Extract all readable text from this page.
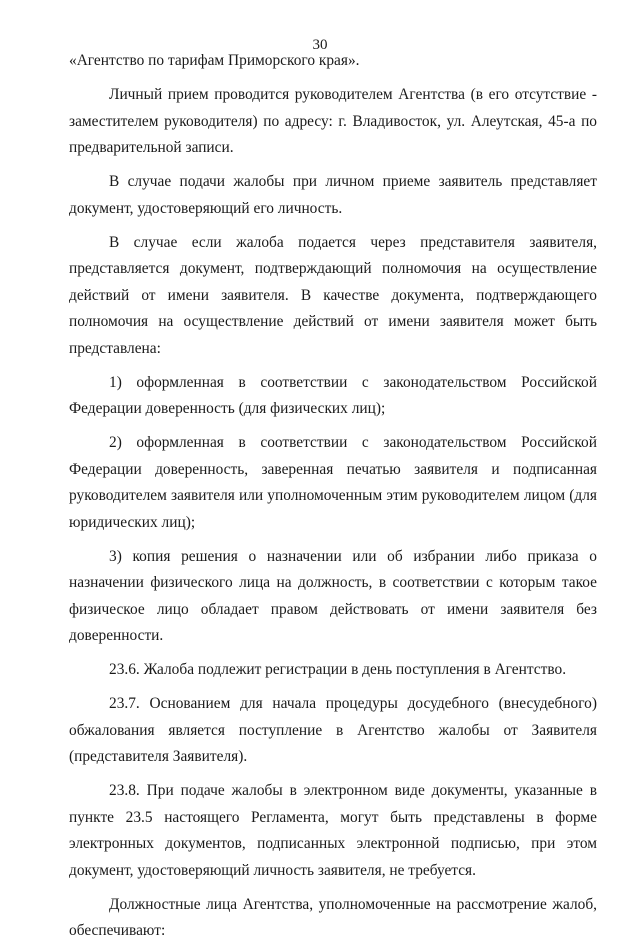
30

«Агентство по тарифам Приморского края».

Личный прием проводится руководителем Агентства (в его отсутствие - заместителем руководителя) по адресу: г. Владивосток, ул. Алеутская, 45-а по предварительной записи.

В случае подачи жалобы при личном приеме заявитель представляет документ, удостоверяющий его личность.

В случае если жалоба подается через представителя заявителя, представляется документ, подтверждающий полномочия на осуществление действий от имени заявителя. В качестве документа, подтверждающего полномочия на осуществление действий от имени заявителя может быть представлена:

1) оформленная в соответствии с законодательством Российской Федерации доверенность (для физических лиц);

2) оформленная в соответствии с законодательством Российской Федерации доверенность, заверенная печатью заявителя и подписанная руководителем заявителя или уполномоченным этим руководителем лицом (для юридических лиц);

3) копия решения о назначении или об избрании либо приказа о назначении физического лица на должность, в соответствии с которым такое физическое лицо обладает правом действовать от имени заявителя без доверенности.

23.6. Жалоба подлежит регистрации в день поступления в Агентство.

23.7. Основанием для начала процедуры досудебного (внесудебного) обжалования является поступление в Агентство жалобы от Заявителя (представителя Заявителя).

23.8. При подаче жалобы в электронном виде документы, указанные в пункте 23.5 настоящего Регламента, могут быть представлены в форме электронных документов, подписанных электронной подписью, при этом документ, удостоверяющий личность заявителя, не требуется.

Должностные лица Агентства, уполномоченные на рассмотрение жалоб, обеспечивают:
